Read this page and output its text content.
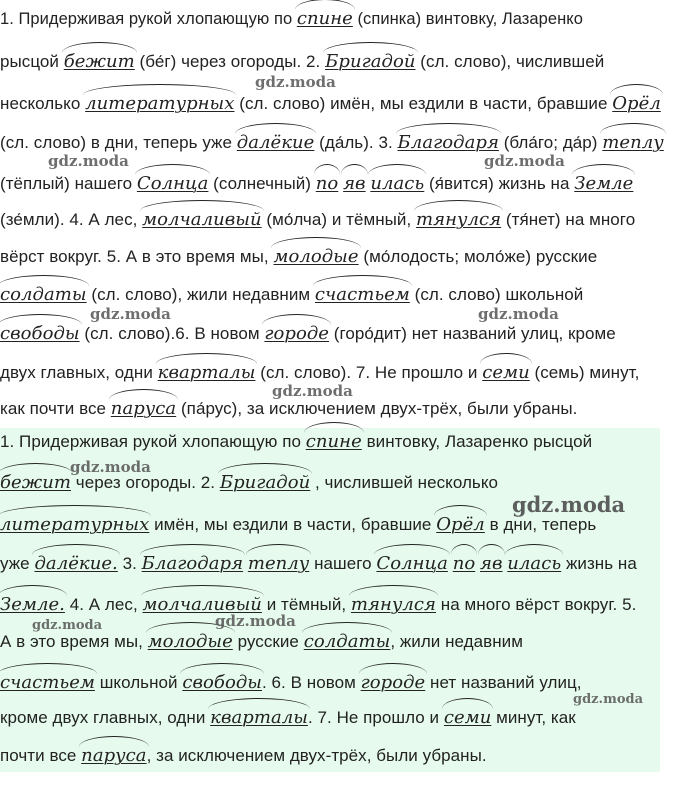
1. Придерживая рукой хлопающую по спине
(спинка) винтовку, Лазаренко
рысцой бежит
(бе́г) через огороды. 2. Бригадой
(сл. слово), числившей
несколько литературных
(сл. слово) имён, мы ездили в части, бравшие Орёл
(сл. слово) в дни, теперь уже далёкие
(да́ль). 3. Благодаря
(бла́го; да́р) теплу
(тёплый) нашего Солнца
(солнечный) по яв илась
(я́вится) жизнь на Земле
(зе́мли). 4. А лес, молчаливый
(мо́лча) и тёмный, тянулся
(тя́нет) на много
вёрст вокруг. 5. А в это время мы, молодые
(мо́лодость; моло́же) русские
солдаты
(сл. слово), жили недавним счастьем
(сл. слово) школьной
свободы
(сл. слово).6. В новом городе
(горо́дит) нет названий улиц, кроме
двух главных, одни кварталы
(сл. слово). 7. Не прошло и семи
(семь) минут,
как почти все паруса
(па́рус), за исключением двух-трёх, были убраны.
1. Придерживая рукой хлопающую по спине
винтовку, Лазаренко рысцой
бежит
через огороды. 2. Бригадой
, числившей несколько
литературных
имён, мы ездили в части, бравшие Орёл
в дни, теперь
уже далёкие.
3. Благодаря теплу
нашего Солнца по яв илась
жизнь на
Земле.
4. А лес, молчаливый
и тёмный, тянулся
на много вёрст вокруг. 5.
А в это время мы, молодые
русские солдаты
, жили недавним
счастьем
школьной свободы
. 6. В новом городе
нет названий улиц,
кроме двух главных, одни кварталы
. 7. Не прошло и семи
минут, как
почти все паруса
, за исключением двух-трёх, были убраны.
gdz.moda
gdz.moda	gdz.moda
gdz.moda	gdz.moda
gdz.moda
gdz.moda
gdz.moda
gdz.moda
gdz.moda
gdz.moda
